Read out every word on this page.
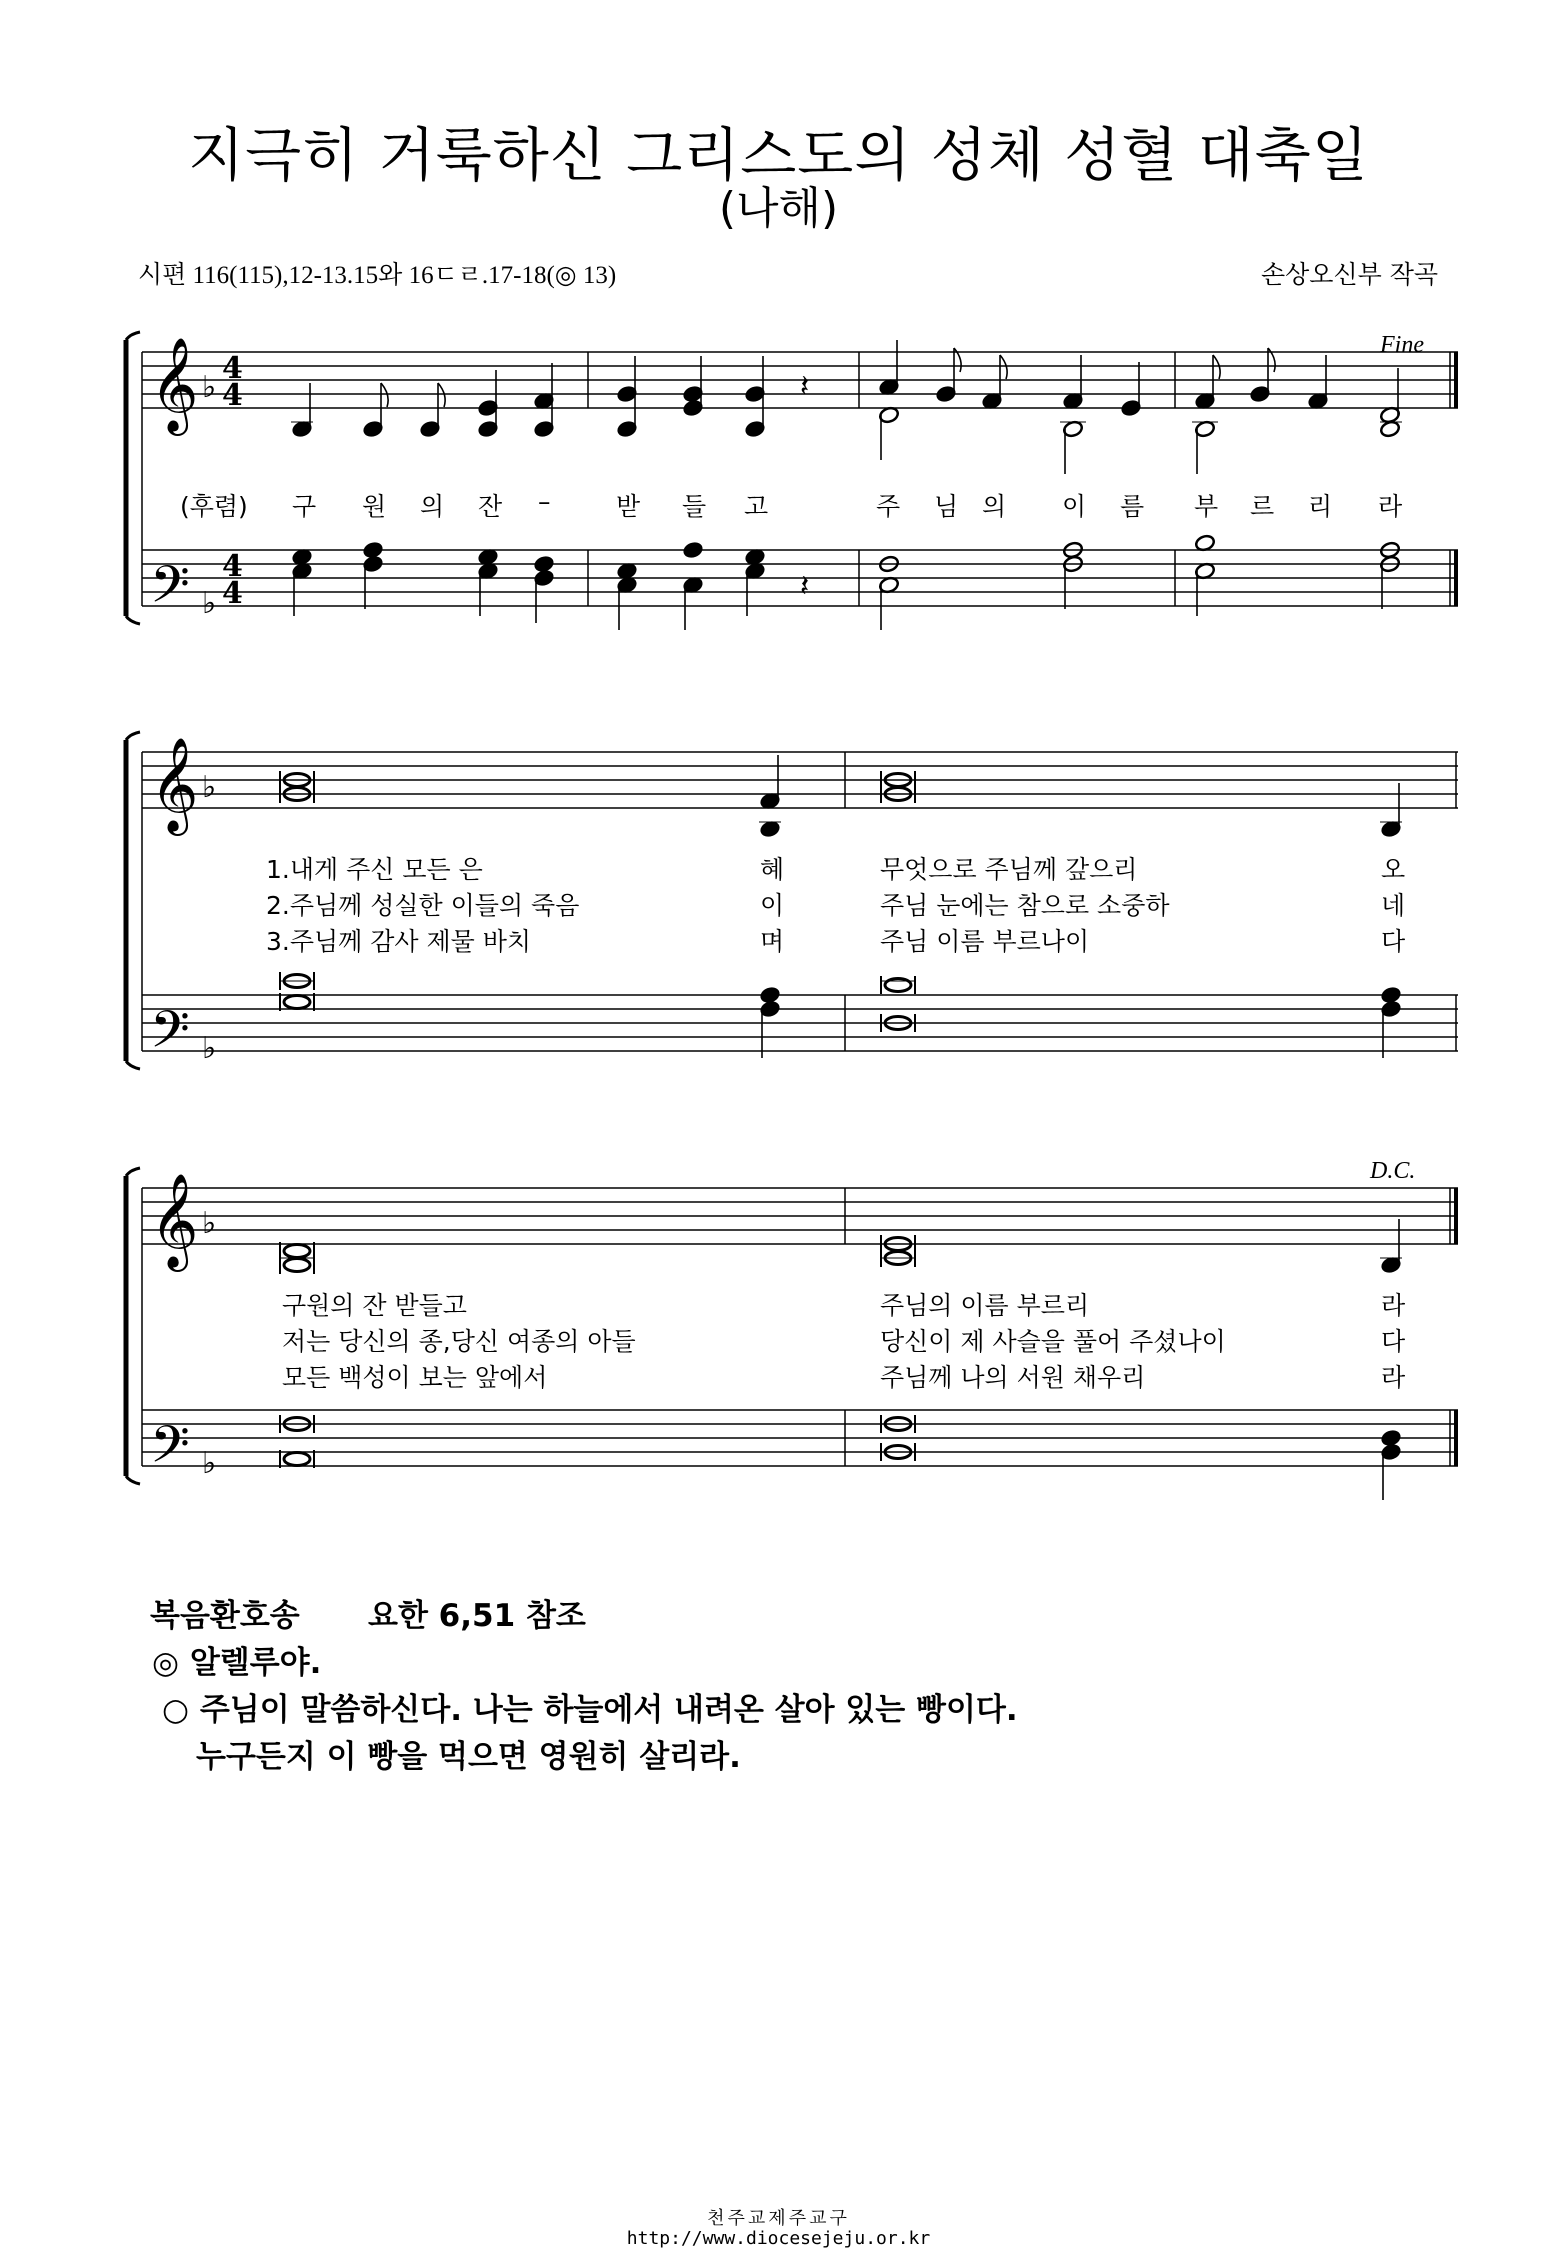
지극히 거룩하신 그리스도의 성체 성혈 대축일
(나해)
시편 116(115),12-13.15와 16ㄷㄹ.17-18(◎ 13)	손상오신부 작곡
𝄞
𝄢
♭
♭
4
4
4
4
𝄽
𝄽
𝄞
𝄢
♭
♭
𝄞
𝄢
♭
♭
Fine
D.C.
(후렴) 구 원 의 잔 –	받 들 고	주 님 의 이 름 부 르 리 라
1.내게 주신 모든 은	혜	무엇으로 주님께 갚으리	오
2.주님께 성실한 이들의 죽음	이	주님 눈에는 참으로 소중하	네
3.주님께 감사 제물 바치	며	주님 이름 부르나이	다
구원의 잔 받들고	주님의 이름 부르리	라
저는 당신의 종,당신 여종의 아들	당신이 제 사슬을 풀어 주셨나이	다
모든 백성이 보는 앞에서	주님께 나의 서원 채우리	라
복음환호송 요한 6,51 참조
◎ 알렐루야.
○ 주님이 말씀하신다. 나는 하늘에서 내려온 살아 있는 빵이다.
누구든지 이 빵을 먹으면 영원히 살리라.
천주교제주교구
http://www.diocesejeju.or.kr
